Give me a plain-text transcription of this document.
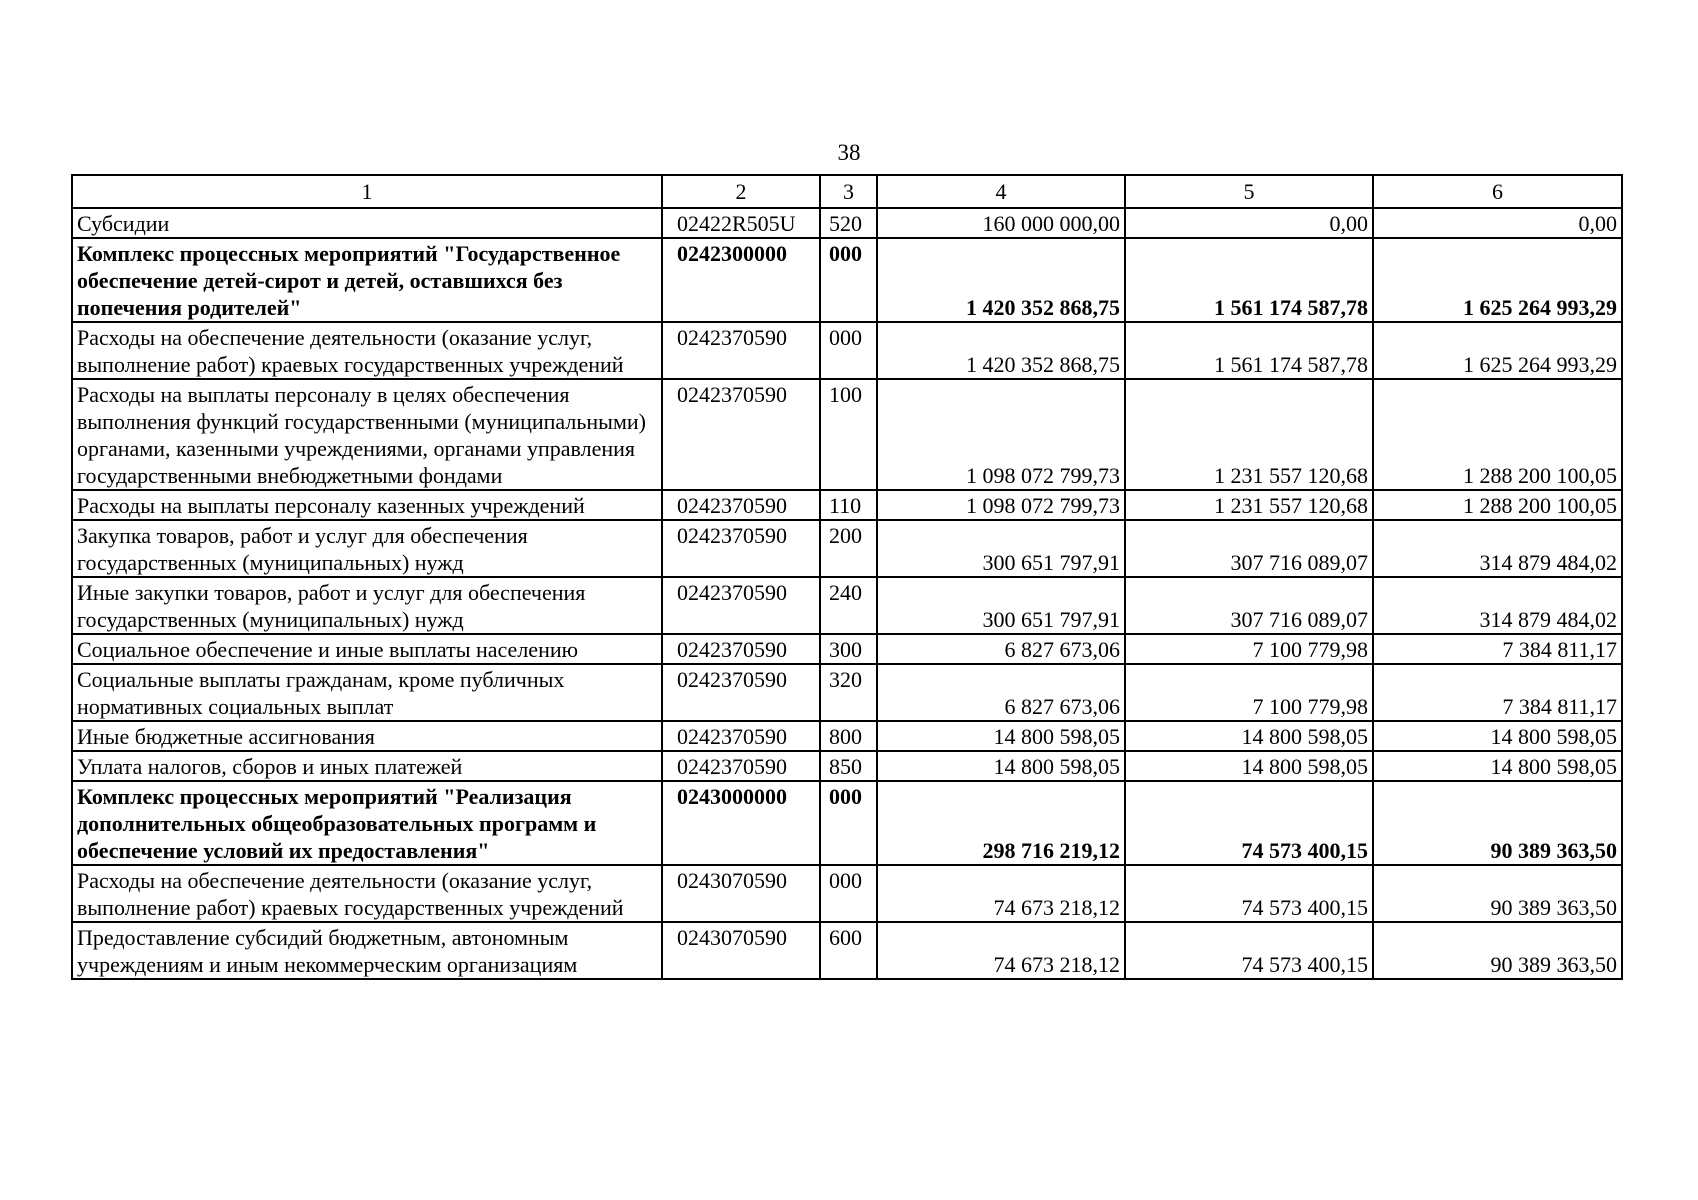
38
1	2	3	4	5	6
Субсидии	02422R505U	520	160 000 000,00	0,00	0,00
Комплекс процессных мероприятий "Государственное обеспечение детей-сирот и детей, оставшихся без попечения родителей"	0242300000	000	1 420 352 868,75	1 561 174 587,78	1 625 264 993,29
Расходы на обеспечение деятельности (оказание услуг, выполнение работ) краевых государственных учреждений	0242370590	000	1 420 352 868,75	1 561 174 587,78	1 625 264 993,29
Расходы на выплаты персоналу в целях обеспечения выполнения функций государственными (муниципальными) органами, казенными учреждениями, органами управления государственными внебюджетными фондами	0242370590	100	1 098 072 799,73	1 231 557 120,68	1 288 200 100,05
Расходы на выплаты персоналу казенных учреждений	0242370590	110	1 098 072 799,73	1 231 557 120,68	1 288 200 100,05
Закупка товаров, работ и услуг для обеспечения государственных (муниципальных) нужд	0242370590	200	300 651 797,91	307 716 089,07	314 879 484,02
Иные закупки товаров, работ и услуг для обеспечения государственных (муниципальных) нужд	0242370590	240	300 651 797,91	307 716 089,07	314 879 484,02
Социальное обеспечение и иные выплаты населению	0242370590	300	6 827 673,06	7 100 779,98	7 384 811,17
Социальные выплаты гражданам, кроме публичных нормативных социальных выплат	0242370590	320	6 827 673,06	7 100 779,98	7 384 811,17
Иные бюджетные ассигнования	0242370590	800	14 800 598,05	14 800 598,05	14 800 598,05
Уплата налогов, сборов и иных платежей	0242370590	850	14 800 598,05	14 800 598,05	14 800 598,05
Комплекс процессных мероприятий "Реализация дополнительных общеобразовательных программ и обеспечение условий их предоставления"	0243000000	000	298 716 219,12	74 573 400,15	90 389 363,50
Расходы на обеспечение деятельности (оказание услуг, выполнение работ) краевых государственных учреждений	0243070590	000	74 673 218,12	74 573 400,15	90 389 363,50
Предоставление субсидий бюджетным, автономным учреждениям и иным некоммерческим организациям	0243070590	600	74 673 218,12	74 573 400,15	90 389 363,50
